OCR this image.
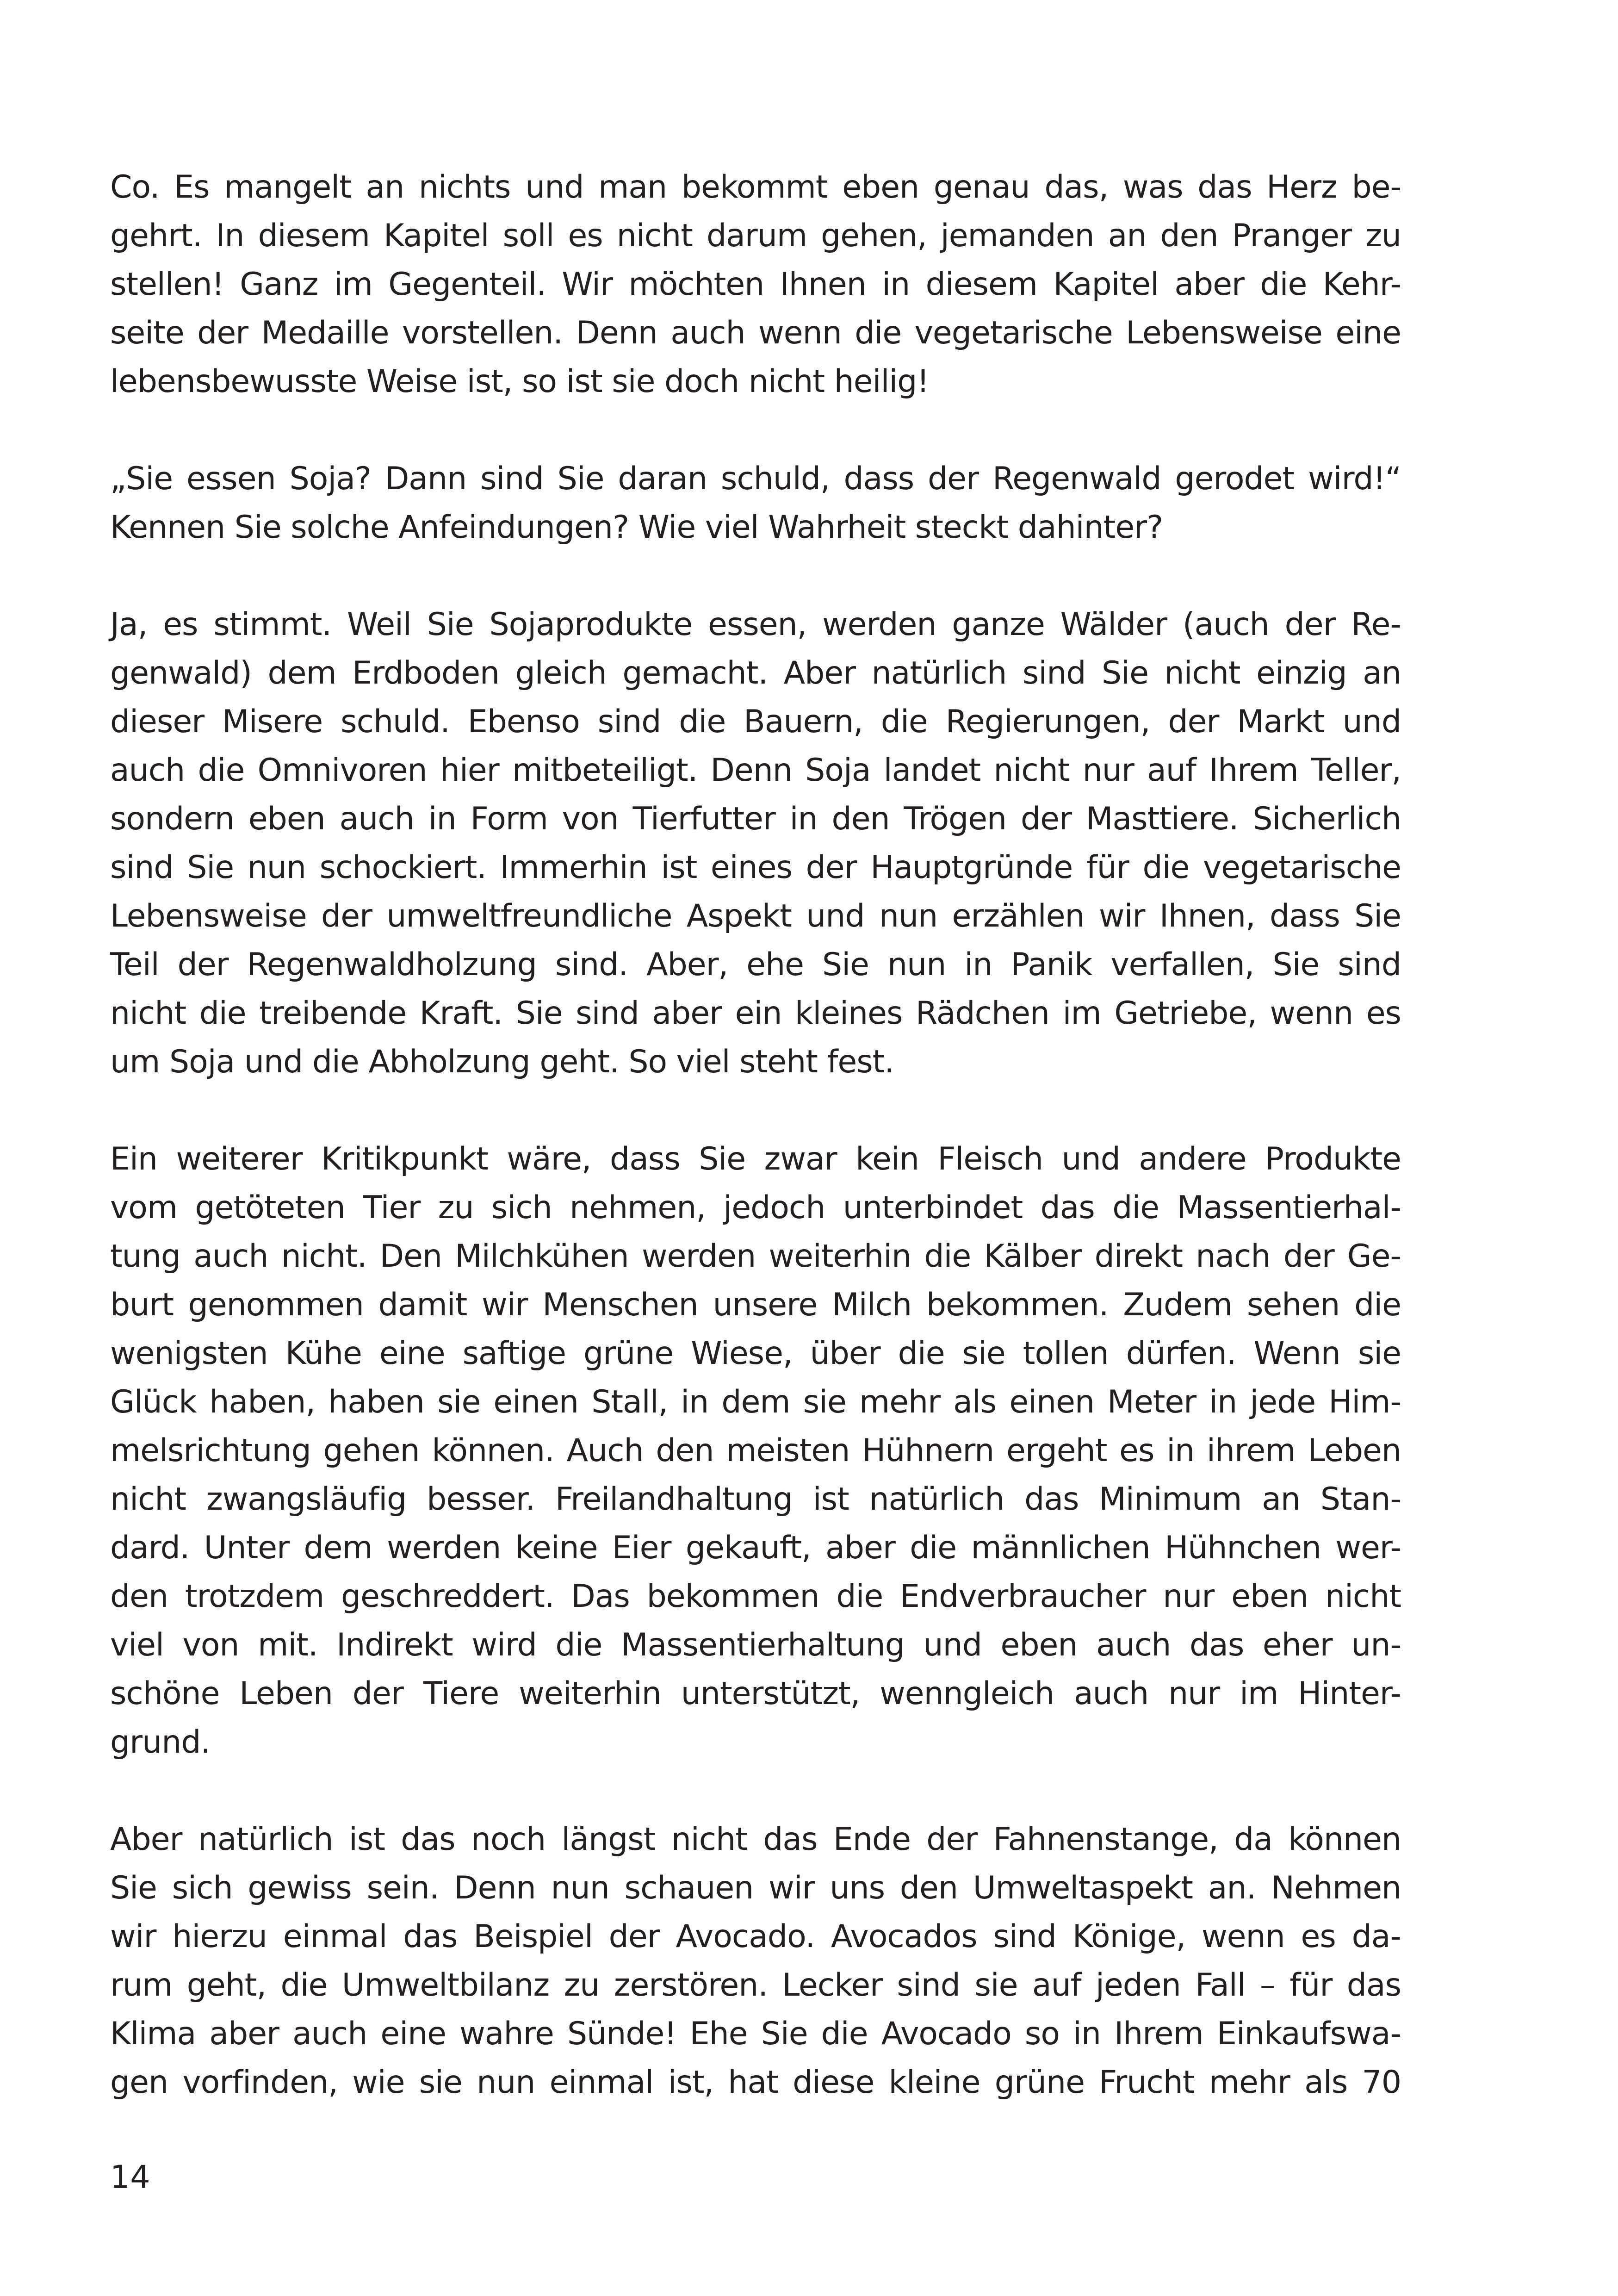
Co. Es mangelt an nichts und man bekommt eben genau das, was das Herz be-
gehrt. In diesem Kapitel soll es nicht darum gehen, jemanden an den Pranger zu
stellen! Ganz im Gegenteil. Wir möchten Ihnen in diesem Kapitel aber die Kehr-
seite der Medaille vorstellen. Denn auch wenn die vegetarische Lebensweise eine
lebensbewusste Weise ist, so ist sie doch nicht heilig!

„Sie essen Soja? Dann sind Sie daran schuld, dass der Regenwald gerodet wird!“
Kennen Sie solche Anfeindungen? Wie viel Wahrheit steckt dahinter?

Ja, es stimmt. Weil Sie Sojaprodukte essen, werden ganze Wälder (auch der Re-
genwald) dem Erdboden gleich gemacht. Aber natürlich sind Sie nicht einzig an
dieser Misere schuld. Ebenso sind die Bauern, die Regierungen, der Markt und
auch die Omnivoren hier mitbeteiligt. Denn Soja landet nicht nur auf Ihrem Teller,
sondern eben auch in Form von Tierfutter in den Trögen der Masttiere. Sicherlich
sind Sie nun schockiert. Immerhin ist eines der Hauptgründe für die vegetarische
Lebensweise der umweltfreundliche Aspekt und nun erzählen wir Ihnen, dass Sie
Teil der Regenwaldholzung sind. Aber, ehe Sie nun in Panik verfallen, Sie sind
nicht die treibende Kraft. Sie sind aber ein kleines Rädchen im Getriebe, wenn es
um Soja und die Abholzung geht. So viel steht fest.

Ein weiterer Kritikpunkt wäre, dass Sie zwar kein Fleisch und andere Produkte
vom getöteten Tier zu sich nehmen, jedoch unterbindet das die Massentierhal-
tung auch nicht. Den Milchkühen werden weiterhin die Kälber direkt nach der Ge-
burt genommen damit wir Menschen unsere Milch bekommen. Zudem sehen die
wenigsten Kühe eine saftige grüne Wiese, über die sie tollen dürfen. Wenn sie
Glück haben, haben sie einen Stall, in dem sie mehr als einen Meter in jede Him-
melsrichtung gehen können. Auch den meisten Hühnern ergeht es in ihrem Leben
nicht zwangsläufig besser. Freilandhaltung ist natürlich das Minimum an Stan-
dard. Unter dem werden keine Eier gekauft, aber die männlichen Hühnchen wer-
den trotzdem geschreddert. Das bekommen die Endverbraucher nur eben nicht
viel von mit. Indirekt wird die Massentierhaltung und eben auch das eher un-
schöne Leben der Tiere weiterhin unterstützt, wenngleich auch nur im Hinter-
grund.

Aber natürlich ist das noch längst nicht das Ende der Fahnenstange, da können
Sie sich gewiss sein. Denn nun schauen wir uns den Umweltaspekt an. Nehmen
wir hierzu einmal das Beispiel der Avocado. Avocados sind Könige, wenn es da-
rum geht, die Umweltbilanz zu zerstören. Lecker sind sie auf jeden Fall – für das
Klima aber auch eine wahre Sünde! Ehe Sie die Avocado so in Ihrem Einkaufswa-
gen vorfinden, wie sie nun einmal ist, hat diese kleine grüne Frucht mehr als 70

14
